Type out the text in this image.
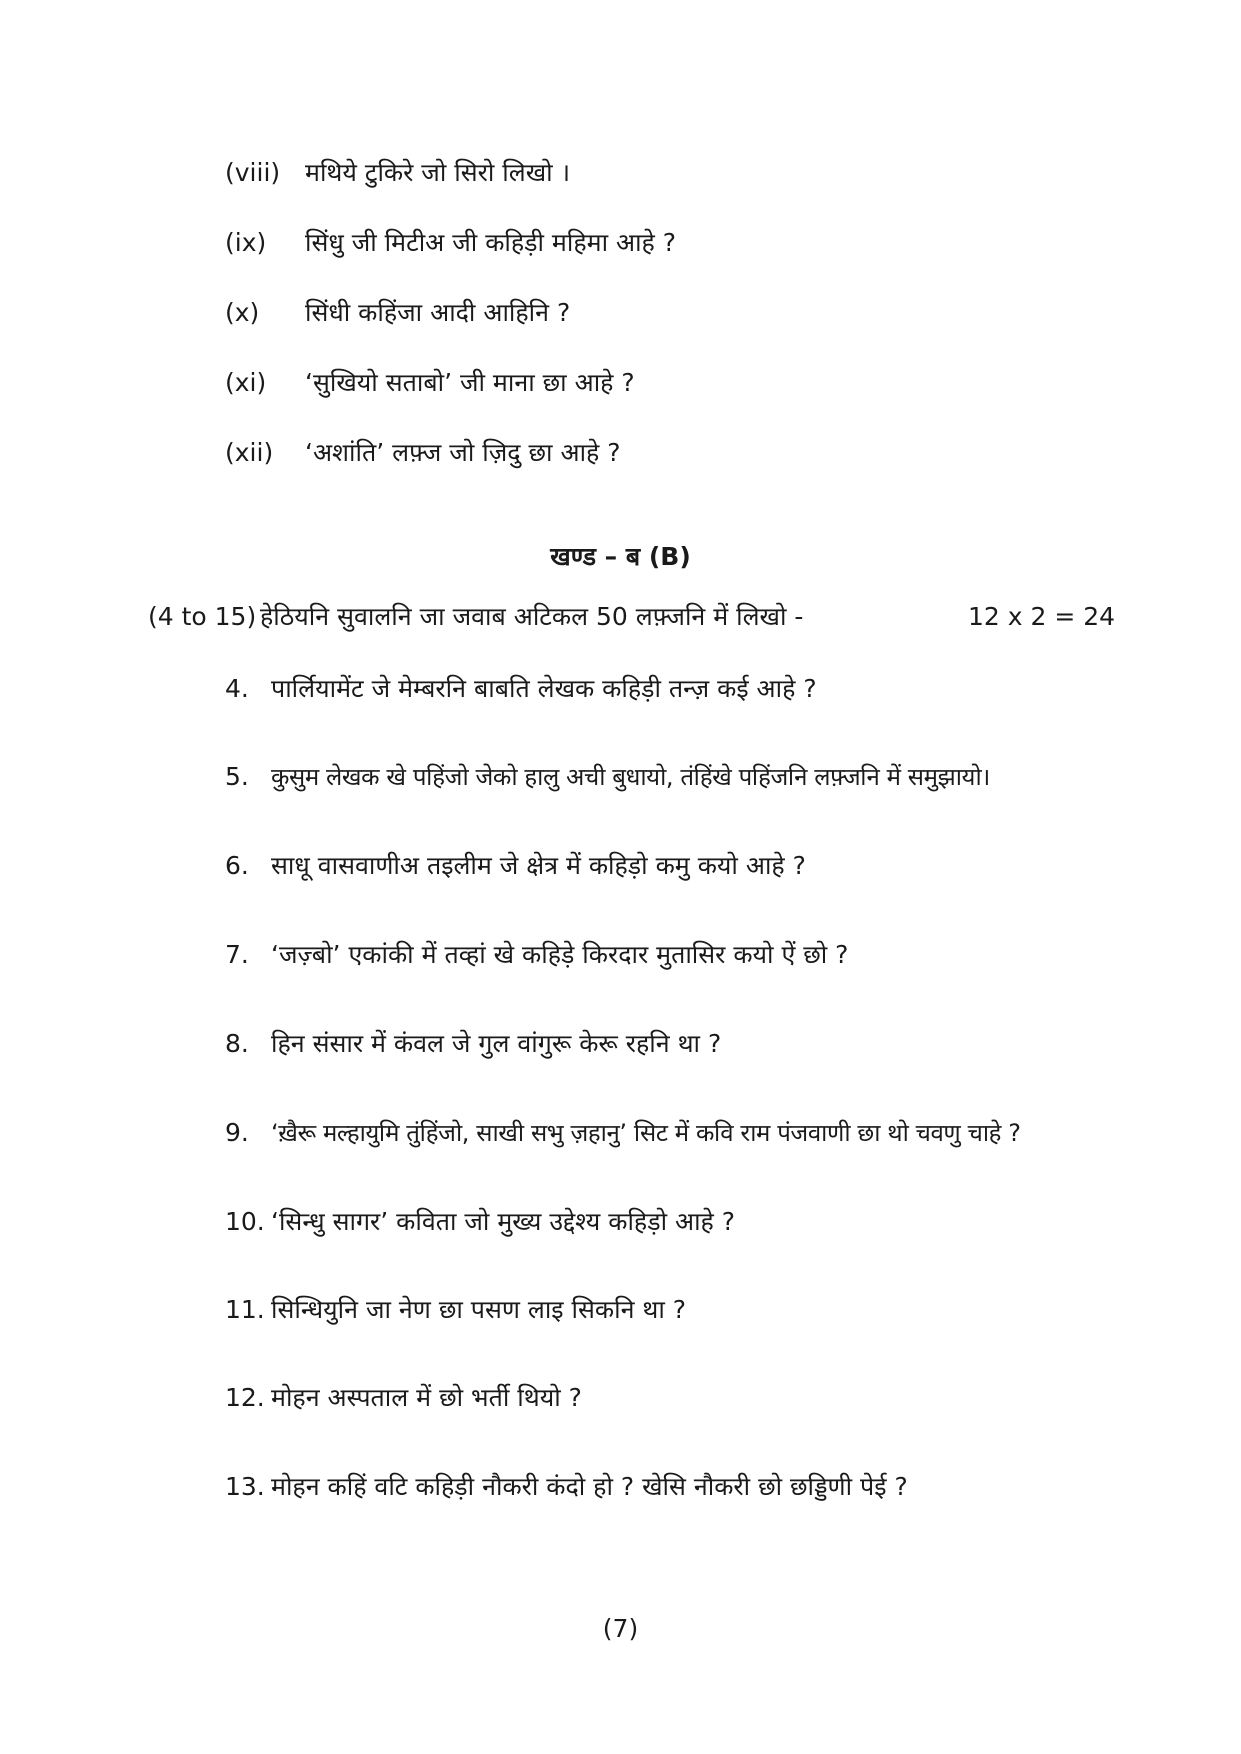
(viii) मथिये टुकिरे जो सिरो लिखो ।
(ix) सिंधु जी मिटीअ जी कहिड़ी महिमा आहे ?
(x) सिंधी कहिंजा आदी आहिनि ?
(xi) ‘सुखियो सताबो’ जी माना छा आहे ?
(xii) ‘अशांति’ लफ़्ज जो ज़िदु छा आहे ?
खण्ड – ब (B)
(4 to 15) हेठियनि सुवालनि जा जवाब अटिकल 50 लफ़्जनि में लिखो -	12 x 2 = 24
4. पार्लियामेंट जे मेम्बरनि बाबति लेखक कहिड़ी तन्ज़ कई आहे ?
5. कुसुम लेखक खे पहिंजो जेको हालु अची बुधायो, तंहिंखे पहिंजनि लफ़्जनि में समुझायो।
6. साधू वासवाणीअ तइलीम जे क्षेत्र में कहिड़ो कमु कयो आहे ?
7. ‘जज़्बो’ एकांकी में तव्हां खे कहिड़े किरदार मुतासिर कयो ऐं छो ?
8. हिन संसार में कंवल जे गुल वांगुरू केरू रहनि था ?
9. ‘ख़ैरू मल्हायुमि तुंहिंजो, साखी सभु ज़हानु’ सिट में कवि राम पंजवाणी छा थो चवणु चाहे ?
10. ‘सिन्धु सागर’ कविता जो मुख्य उद्देश्य कहिड़ो आहे ?
11. सिन्धियुनि जा नेण छा पसण लाइ सिकनि था ?
12. मोहन अस्पताल में छो भर्ती थियो ?
13. मोहन कहिं वटि कहिड़ी नौकरी कंदो हो ? खेसि नौकरी छो छड्डिणी पेई ?
(7)
